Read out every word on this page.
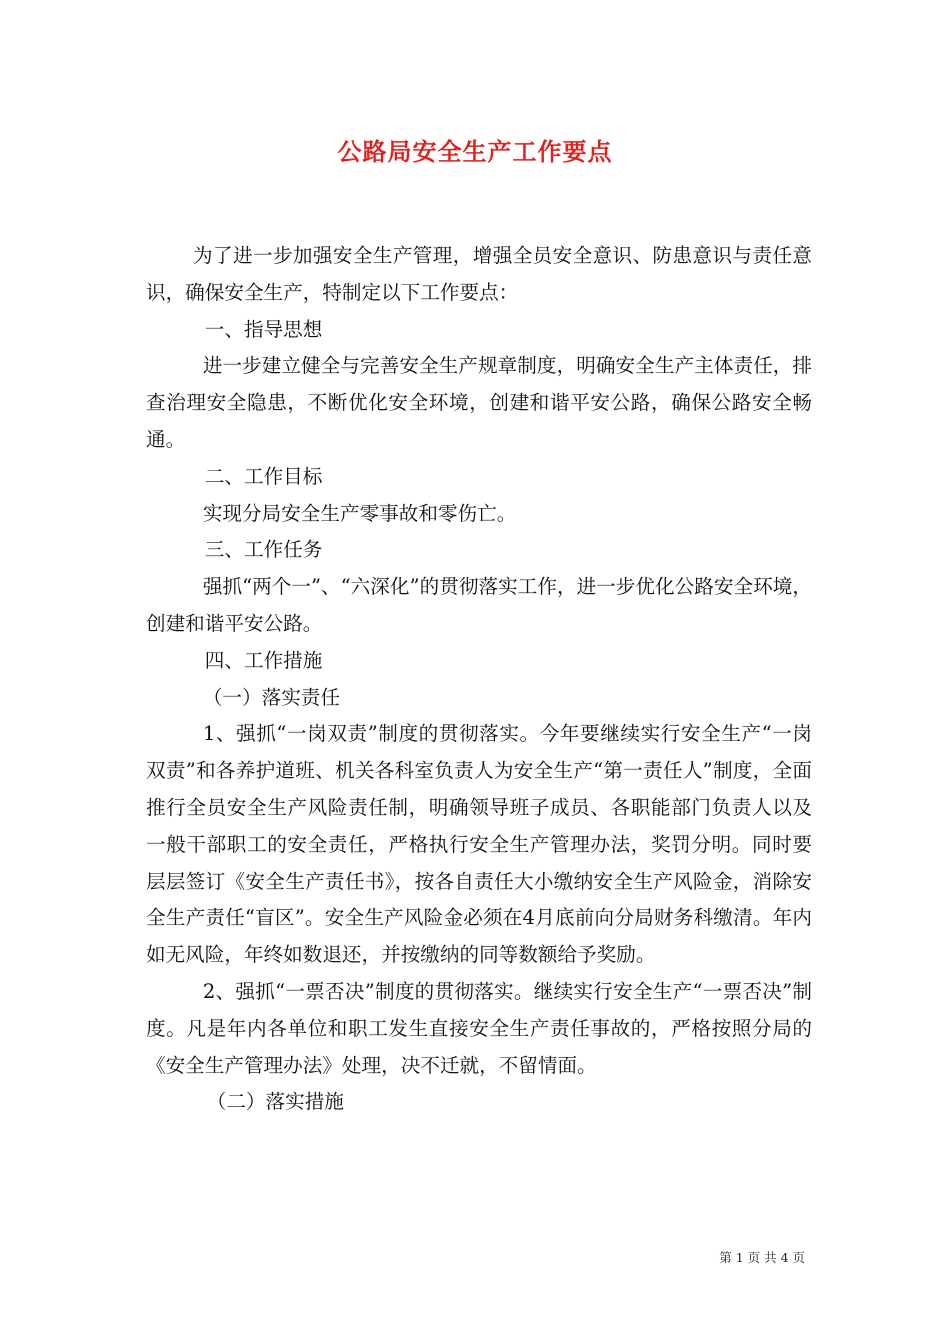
公路局安全生产工作要点

为了进一步加强安全生产管理，增强全员安全意识、防患意识与责任意识，确保安全生产，特制定以下工作要点：

一、指导思想

进一步建立健全与完善安全生产规章制度，明确安全生产主体责任，排查治理安全隐患，不断优化安全环境，创建和谐平安公路，确保公路安全畅通。

二、工作目标

实现分局安全生产零事故和零伤亡。

三、工作任务

强抓“两个一”、“六深化”的贯彻落实工作，进一步优化公路安全环境，创建和谐平安公路。

四、工作措施

（一）落实责任

1、强抓“一岗双责”制度的贯彻落实。今年要继续实行安全生产“一岗双责”和各养护道班、机关各科室负责人为安全生产“第一责任人”制度，全面推行全员安全生产风险责任制，明确领导班子成员、各职能部门负责人以及一般干部职工的安全责任，严格执行安全生产管理办法，奖罚分明。同时要层层签订《安全生产责任书》，按各自责任大小缴纳安全生产风险金，消除安全生产责任“盲区”。安全生产风险金必须在4月底前向分局财务科缴清。年内如无风险，年终如数退还，并按缴纳的同等数额给予奖励。

2、强抓“一票否决”制度的贯彻落实。继续实行安全生产“一票否决”制度。凡是年内各单位和职工发生直接安全生产责任事故的，严格按照分局的《安全生产管理办法》处理，决不迁就，不留情面。

（二）落实措施

第 1 页 共 4 页
